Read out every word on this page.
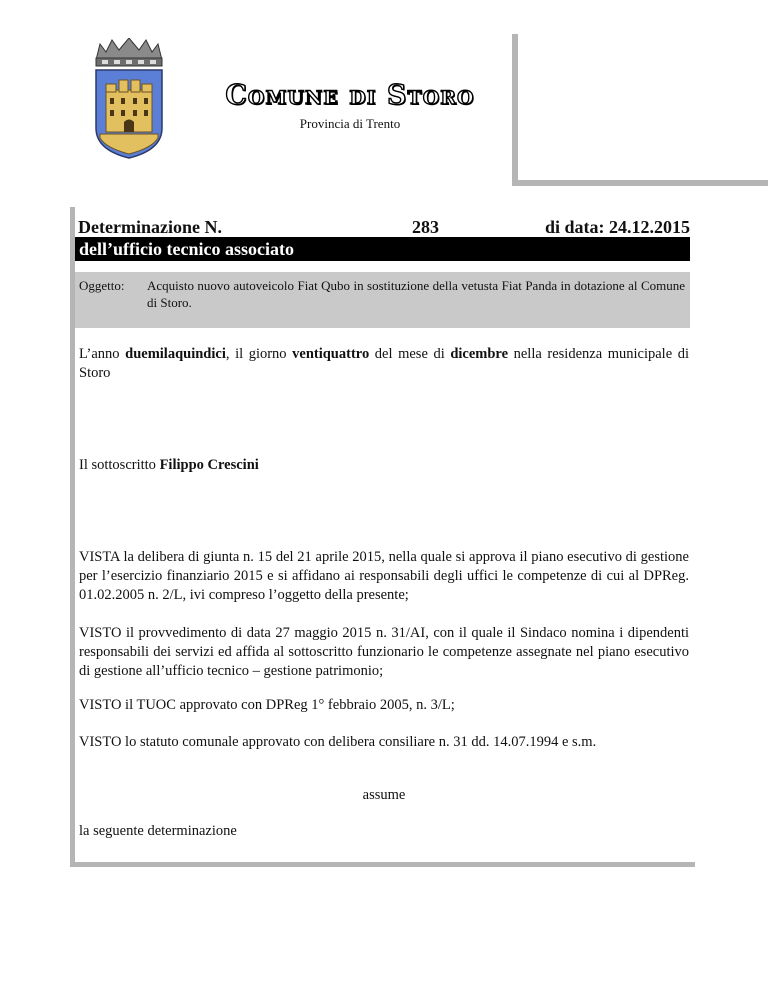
Comune di Storo
Provincia di Trento
Determinazione N.	283	di data: 24.12.2015
dell’ufficio tecnico associato
Oggetto: Acquisto nuovo autoveicolo Fiat Qubo in sostituzione della vetusta Fiat Panda in dotazione al Comune di Storo.
L’anno duemilaquindici, il giorno ventiquattro del mese di dicembre nella residenza municipale di Storo
Il sottoscritto Filippo Crescini
VISTA la delibera di giunta n. 15 del 21 aprile 2015, nella quale si approva il piano esecutivo di gestione per l’esercizio finanziario 2015 e si affidano ai responsabili degli uffici le competenze di cui al DPReg. 01.02.2005 n. 2/L, ivi compreso l’oggetto della presente;
VISTO il provvedimento di data 27 maggio 2015 n. 31/AI, con il quale il Sindaco nomina i dipendenti responsabili dei servizi ed affida al sottoscritto funzionario le competenze assegnate nel piano esecutivo di gestione all’ufficio tecnico – gestione patrimonio;
VISTO il TUOC approvato con DPReg 1° febbraio 2005, n. 3/L;
VISTO lo statuto comunale approvato con delibera consiliare n. 31 dd. 14.07.1994 e s.m.
assume
la seguente determinazione
